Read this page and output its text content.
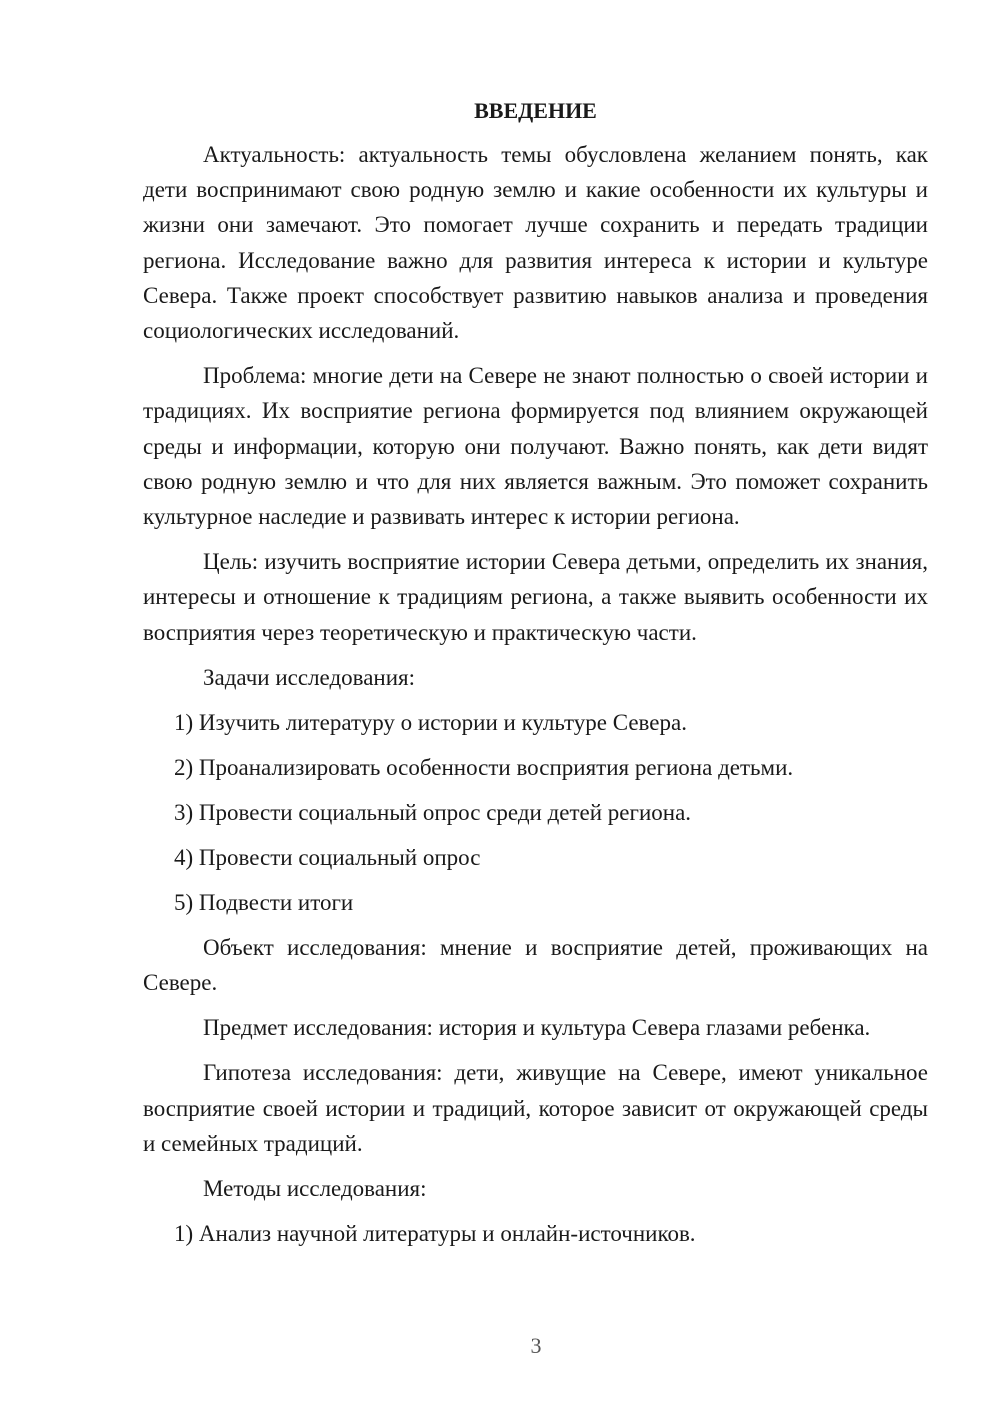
ВВЕДЕНИЕ
Актуальность: актуальность темы обусловлена желанием понять, как дети воспринимают свою родную землю и какие особенности их культуры и жизни они замечают. Это помогает лучше сохранить и передать традиции региона. Исследование важно для развития интереса к истории и культуре Севера. Также проект способствует развитию навыков анализа и проведения социологических исследований.
Проблема: многие дети на Севере не знают полностью о своей истории и традициях. Их восприятие региона формируется под влиянием окружающей среды и информации, которую они получают. Важно понять, как дети видят свою родную землю и что для них является важным. Это поможет сохранить культурное наследие и развивать интерес к истории региона.
Цель: изучить восприятие истории Севера детьми, определить их знания, интересы и отношение к традициям региона, а также выявить особенности их восприятия через теоретическую и практическую части.
Задачи исследования:
1) Изучить литературу о истории и культуре Севера.
2) Проанализировать особенности восприятия региона детьми.
3) Провести социальный опрос среди детей региона.
4) Провести социальный опрос
5) Подвести итоги
Объект исследования: мнение и восприятие детей, проживающих на Севере.
Предмет исследования: история и культура Севера глазами ребенка.
Гипотеза исследования: дети, живущие на Севере, имеют уникальное восприятие своей истории и традиций, которое зависит от окружающей среды и семейных традиций.
Методы исследования:
1) Анализ научной литературы и онлайн-источников.
3
